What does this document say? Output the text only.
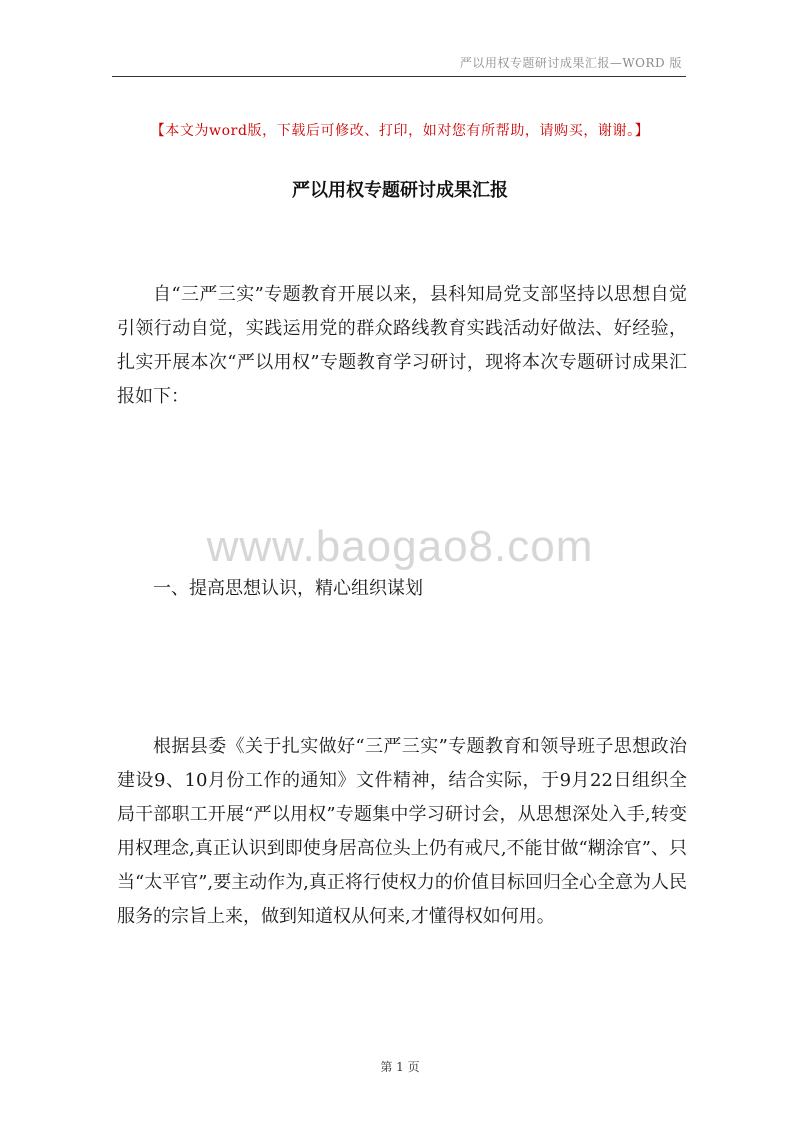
严以用权专题研讨成果汇报—WORD 版
【本文为word版，下载后可修改、打印，如对您有所帮助，请购买，谢谢。】
严以用权专题研讨成果汇报

自“三严三实”专题教育开展以来，县科知局党支部坚持以思想自觉引领行动自觉，实践运用党的群众路线教育实践活动好做法、好经验，扎实开展本次“严以用权”专题教育学习研讨，现将本次专题研讨成果汇报如下：

www.baogao8.com

一、提高思想认识，精心组织谋划

根据县委《关于扎实做好“三严三实”专题教育和领导班子思想政治建设9、10月份工作的通知》文件精神，结合实际，于9月22日组织全局干部职工开展“严以用权”专题集中学习研讨会，从思想深处入手,转变用权理念,真正认识到即使身居高位头上仍有戒尺,不能甘做“糊涂官”、只当“太平官”,要主动作为,真正将行使权力的价值目标回归全心全意为人民服务的宗旨上来，做到知道权从何来,才懂得权如何用。

第 1 页
